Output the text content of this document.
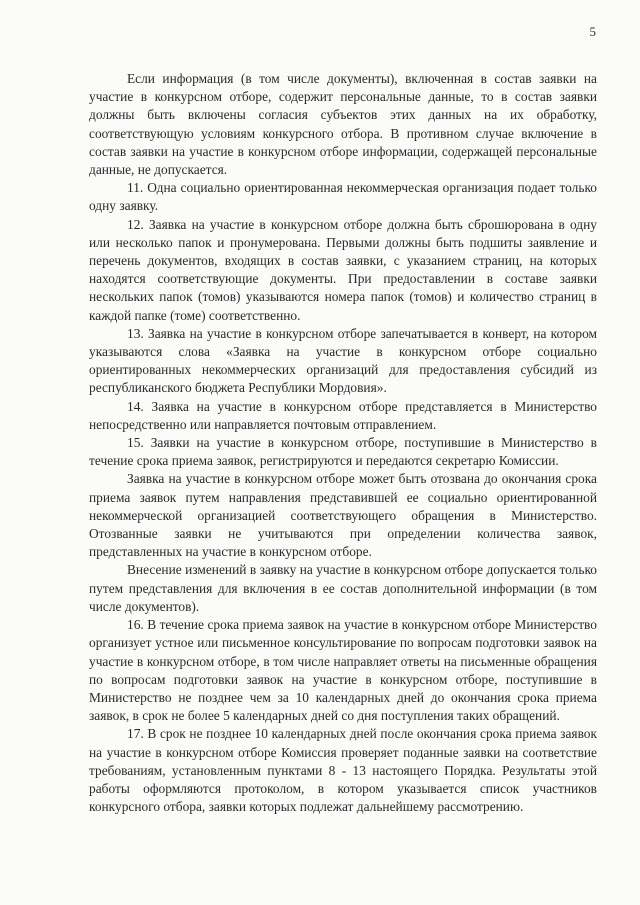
5

Если информация (в том числе документы), включенная в состав заявки на участие в конкурсном отборе, содержит персональные данные, то в состав заявки должны быть включены согласия субъектов этих данных на их обработку, соответствующую условиям конкурсного отбора. В противном случае включение в состав заявки на участие в конкурсном отборе информации, содержащей персональные данные, не допускается.

11. Одна социально ориентированная некоммерческая организация подает только одну заявку.

12. Заявка на участие в конкурсном отборе должна быть сброшюрована в одну или несколько папок и пронумерована. Первыми должны быть подшиты заявление и перечень документов, входящих в состав заявки, с указанием страниц, на которых находятся соответствующие документы. При предоставлении в составе заявки нескольких папок (томов) указываются номера папок (томов) и количество страниц в каждой папке (томе) соответственно.

13. Заявка на участие в конкурсном отборе запечатывается в конверт, на котором указываются слова «Заявка на участие в конкурсном отборе социально ориентированных некоммерческих организаций для предоставления субсидий из республиканского бюджета Республики Мордовия».

14. Заявка на участие в конкурсном отборе представляется в Министерство непосредственно или направляется почтовым отправлением.

15. Заявки на участие в конкурсном отборе, поступившие в Министерство в течение срока приема заявок, регистрируются и передаются секретарю Комиссии.

Заявка на участие в конкурсном отборе может быть отозвана до окончания срока приема заявок путем направления представившей ее социально ориентированной некоммерческой организацией соответствующего обращения в Министерство. Отозванные заявки не учитываются при определении количества заявок, представленных на участие в конкурсном отборе.

Внесение изменений в заявку на участие в конкурсном отборе допускается только путем представления для включения в ее состав дополнительной информации (в том числе документов).

16. В течение срока приема заявок на участие в конкурсном отборе Министерство организует устное или письменное консультирование по вопросам подготовки заявок на участие в конкурсном отборе, в том числе направляет ответы на письменные обращения по вопросам подготовки заявок на участие в конкурсном отборе, поступившие в Министерство не позднее чем за 10 календарных дней до окончания срока приема заявок, в срок не более 5 календарных дней со дня поступления таких обращений.

17. В срок не позднее 10 календарных дней после окончания срока приема заявок на участие в конкурсном отборе Комиссия проверяет поданные заявки на соответствие требованиям, установленным пунктами 8 - 13 настоящего Порядка. Результаты этой работы оформляются протоколом, в котором указывается список участников конкурсного отбора, заявки которых подлежат дальнейшему рассмотрению.
